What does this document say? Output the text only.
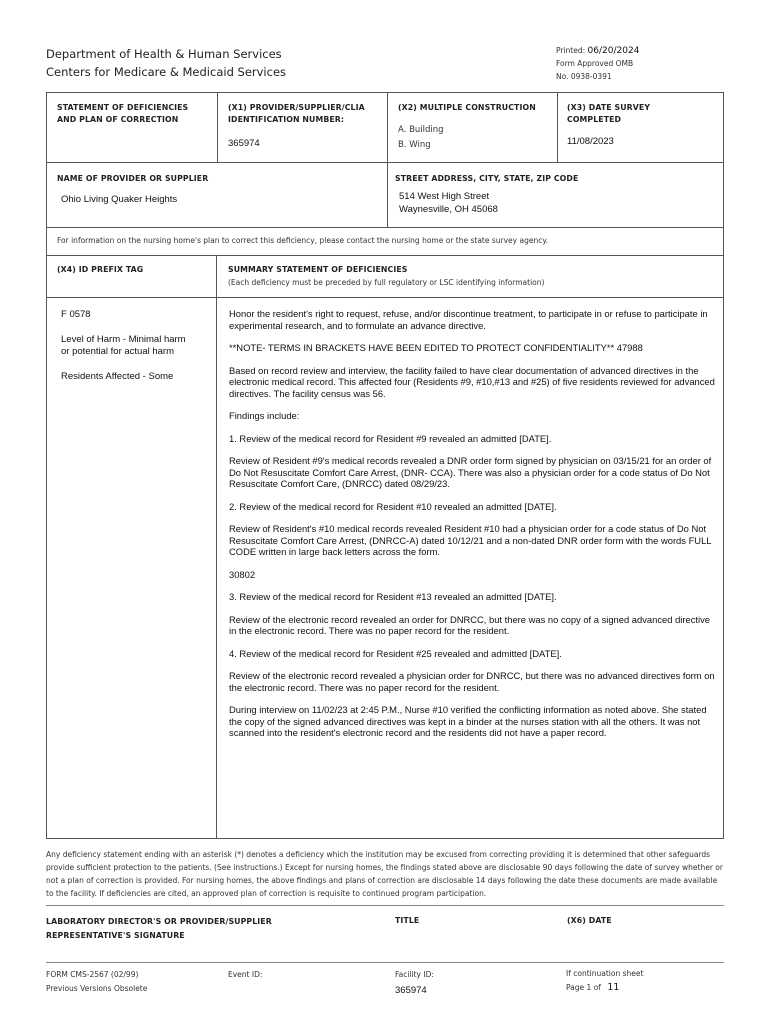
Department of Health & Human Services
Centers for Medicare & Medicaid Services
Printed: 06/20/2024
Form Approved OMB
No. 0938-0391
STATEMENT OF DEFICIENCIES
AND PLAN OF CORRECTION
(X1) PROVIDER/SUPPLIER/CLIA
IDENTIFICATION NUMBER:
365974
(X2) MULTIPLE CONSTRUCTION
A. Building
B. Wing
(X3) DATE SURVEY
COMPLETED
11/08/2023
NAME OF PROVIDER OR SUPPLIER
Ohio Living Quaker Heights
STREET ADDRESS, CITY, STATE, ZIP CODE
514 West High Street
Waynesville, OH 45068
For information on the nursing home's plan to correct this deficiency, please contact the nursing home or the state survey agency.
(X4) ID PREFIX TAG	SUMMARY STATEMENT OF DEFICIENCIES
(Each deficiency must be preceded by full regulatory or LSC identifying information)
F 0578
Level of Harm - Minimal harm
or potential for actual harm
Residents Affected - Some

Honor the resident's right to request, refuse, and/or discontinue treatment, to participate in or refuse to participate in experimental research, and to formulate an advance directive.

**NOTE- TERMS IN BRACKETS HAVE BEEN EDITED TO PROTECT CONFIDENTIALITY** 47988

Based on record review and interview, the facility failed to have clear documentation of advanced directives in the electronic medical record. This affected four (Residents #9, #10,#13 and #25) of five residents reviewed for advanced directives. The facility census was 56.

Findings include:

1. Review of the medical record for Resident #9 revealed an admitted [DATE].

Review of Resident #9's medical records revealed a DNR order form signed by physician on 03/15/21 for an order of Do Not Resuscitate Comfort Care Arrest, (DNR- CCA). There was also a physician order for a code status of Do Not Resuscitate Comfort Care, (DNRCC) dated 08/29/23.

2. Review of the medical record for Resident #10 revealed an admitted [DATE].

Review of Resident's #10 medical records revealed Resident #10 had a physician order for a code status of Do Not Resuscitate Comfort Care Arrest, (DNRCC-A) dated 10/12/21 and a non-dated DNR order form with the words FULL CODE written in large back letters across the form.

30802

3. Review of the medical record for Resident #13 revealed an admitted [DATE].

Review of the electronic record revealed an order for DNRCC, but there was no copy of a signed advanced directive in the electronic record. There was no paper record for the resident.

4. Review of the medical record for Resident #25 revealed and admitted [DATE].

Review of the electronic record revealed a physician order for DNRCC, but there was no advanced directives form on the electronic record. There was no paper record for the resident.

During interview on 11/02/23 at 2:45 P.M., Nurse #10 verified the conflicting information as noted above. She stated the copy of the signed advanced directives was kept in a binder at the nurses station with all the others. It was not scanned into the resident's electronic record and the residents did not have a paper record.

Any deficiency statement ending with an asterisk (*) denotes a deficiency which the institution may be excused from correcting providing it is determined that other safeguards provide sufficient protection to the patients. (See instructions.) Except for nursing homes, the findings stated above are disclosable 90 days following the date of survey whether or not a plan of correction is provided. For nursing homes, the above findings and plans of correction are disclosable 14 days following the date these documents are made available to the facility. If deficiencies are cited, an approved plan of correction is requisite to continued program participation.
LABORATORY DIRECTOR'S OR PROVIDER/SUPPLIER
REPRESENTATIVE'S SIGNATURE
TITLE	(X6) DATE
FORM CMS-2567 (02/99)
Previous Versions Obsolete
Event ID:	Facility ID:
365974
If continuation sheet
Page 1 of 11
